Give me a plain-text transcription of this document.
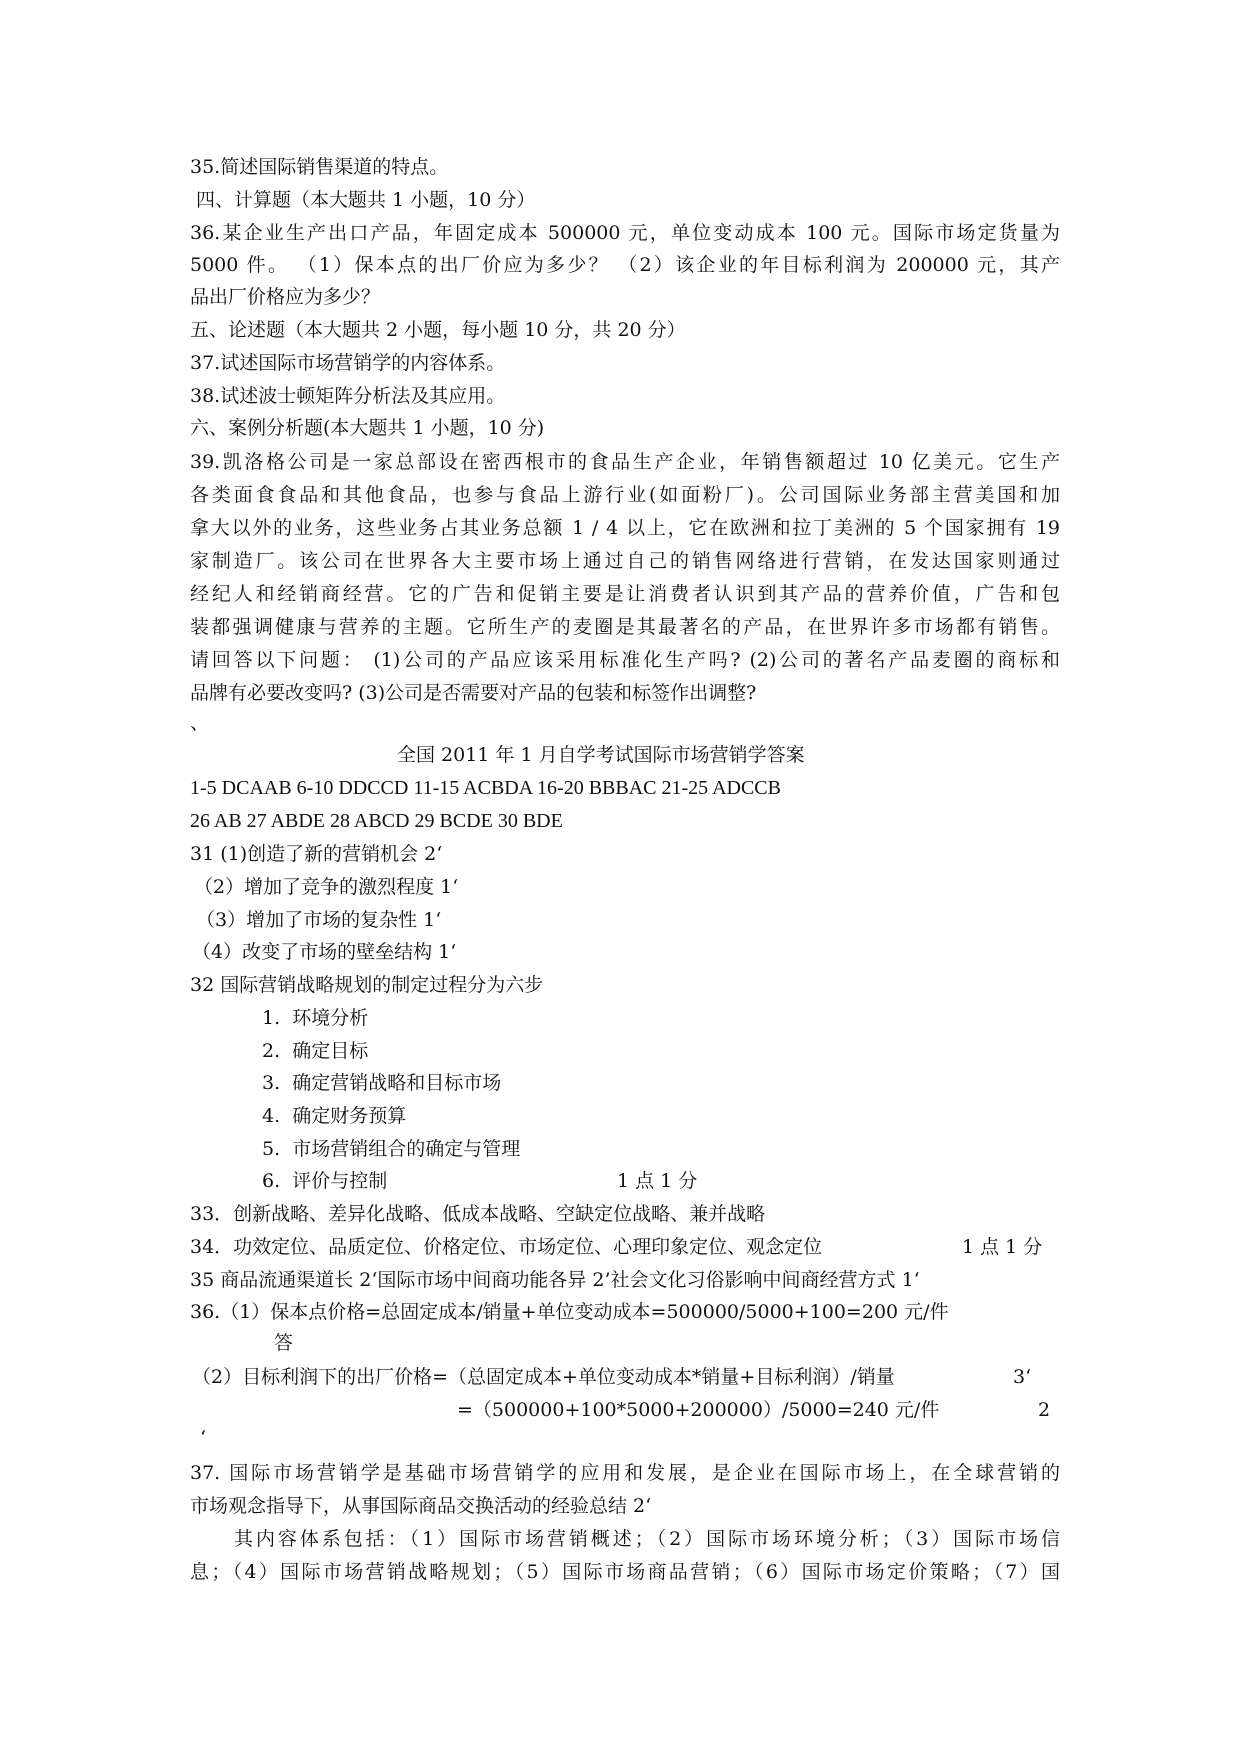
35.简述国际销售渠道的特点。
四、计算题（本大题共 1 小题，10 分）
36.某企业生产出口产品，年固定成本 500000 元，单位变动成本 100 元。国际市场定货量为
5000 件。 （1）保本点的出厂价应为多少？ （2）该企业的年目标利润为 200000 元，其产
品出厂价格应为多少？
五、论述题（本大题共 2 小题，每小题 10 分，共 20 分）
37.试述国际市场营销学的内容体系。
38.试述波士顿矩阵分析法及其应用。
六、案例分析题(本大题共 1 小题，10 分)
39.凯洛格公司是一家总部设在密西根市的食品生产企业，年销售额超过 10 亿美元。它生产
各类面食食品和其他食品，也参与食品上游行业(如面粉厂)。公司国际业务部主营美国和加
拿大以外的业务，这些业务占其业务总额 1 / 4 以上，它在欧洲和拉丁美洲的 5 个国家拥有 19
家制造厂。该公司在世界各大主要市场上通过自己的销售网络进行营销，在发达国家则通过
经纪人和经销商经营。它的广告和促销主要是让消费者认识到其产品的营养价值，广告和包
装都强调健康与营养的主题。它所生产的麦圈是其最著名的产品，在世界许多市场都有销售。
请回答以下问题： (1)公司的产品应该采用标准化生产吗? (2)公司的著名产品麦圈的商标和
品牌有必要改变吗? (3)公司是否需要对产品的包装和标签作出调整?
、
全国 2011 年 1 月自学考试国际市场营销学答案
1-5 DCAAB 6-10 DDCCD 11-15 ACBDA 16-20 BBBAC 21-25 ADCCB
26 AB 27 ABDE 28 ABCD 29 BCDE 30 BDE
31 (1)创造了新的营销机会 2‘
（2）增加了竞争的激烈程度 1‘
（3）增加了市场的复杂性 1‘
（4）改变了市场的壁垒结构 1‘
32 国际营销战略规划的制定过程分为六步
1.  环境分析
2.  确定目标
3.  确定营销战略和目标市场
4.  确定财务预算
5.  市场营销组合的确定与管理
6.  评价与控制	1 点 1 分
33．创新战略、差异化战略、低成本战略、空缺定位战略、兼并战略
34．功效定位、品质定位、价格定位、市场定位、心理印象定位、观念定位	1 点 1 分
35 商品流通渠道长 2‘国际市场中间商功能各异 2’社会文化习俗影响中间商经营方式 1‘
36.（1）保本点价格=总固定成本/销量+单位变动成本=500000/5000+100=200 元/件
答
（2）目标利润下的出厂价格=（总固定成本+单位变动成本*销量+目标利润）/销量	3‘
=（500000+100*5000+200000）/5000=240 元/件	2
‘
37. 国际市场营销学是基础市场营销学的应用和发展，是企业在国际市场上，在全球营销的
市场观念指导下，从事国际商品交换活动的经验总结 2‘
其内容体系包括：（1）国际市场营销概述；（2）国际市场环境分析；（3）国际市场信
息；（4）国际市场营销战略规划；（5）国际市场商品营销；（6）国际市场定价策略；（7）国
